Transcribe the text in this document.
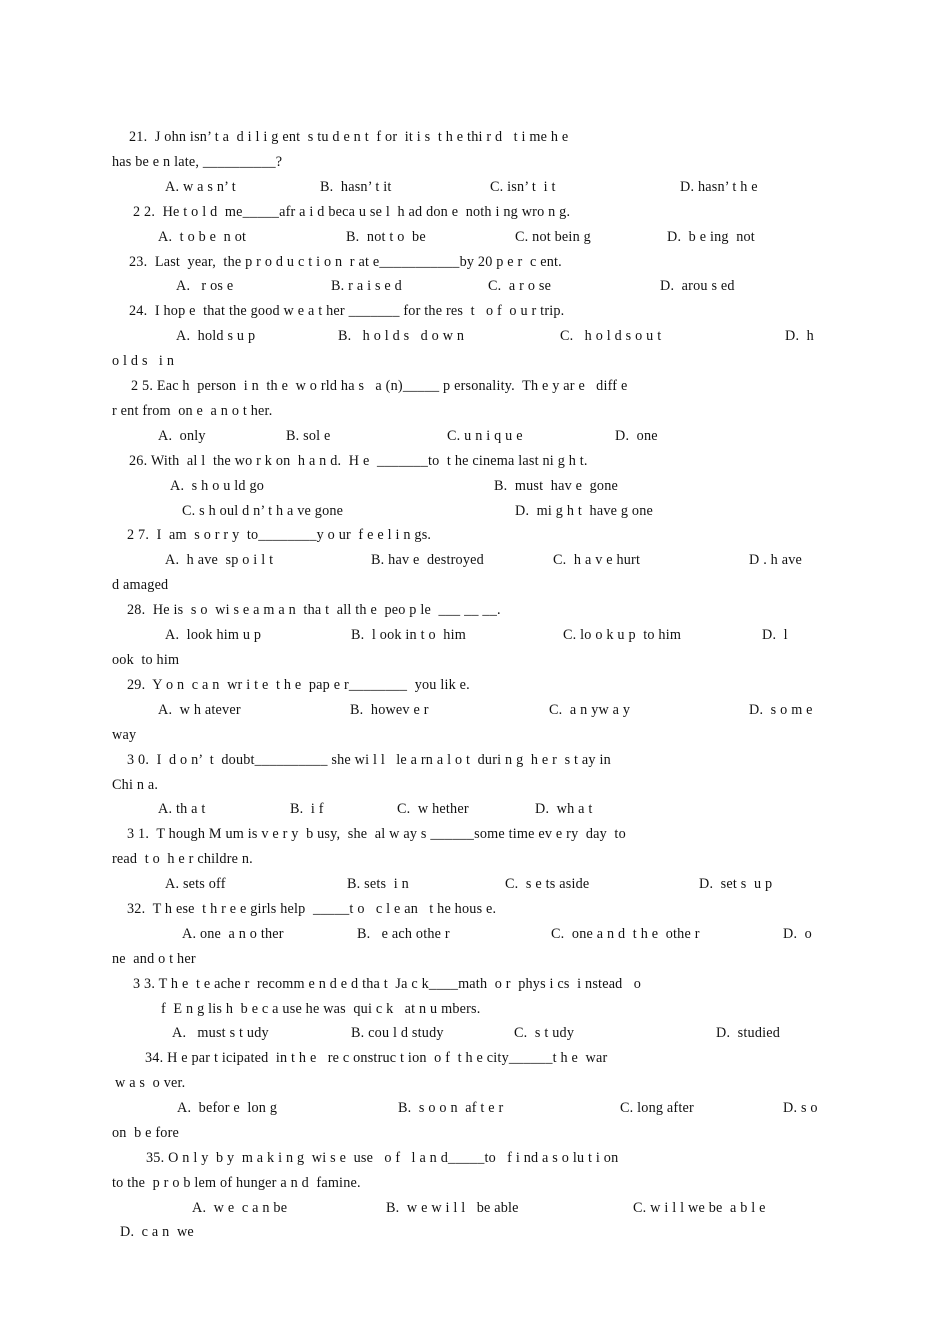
21.  J ohn isn’ t a  d i l i g ent  s tu d e n t  f or  it i s  t h e thi r d   t i me h e
has be e n late, __________?
A. w a s n’ t	B.  hasn’ t it	C. isn’ t  i t	D. hasn’ t h e
2 2.  He t o l d  me_____afr a i d beca u se l  h ad don e  noth i ng wro n g.
A.  t o b e  n ot	B.  not t o  be	C. not bein g	D.  b e ing  not
23.  Last  year,  the p r o d u c t i o n  r at e___________by 20 p e r  c ent.
A.   r os e	B. r a i s e d	C.  a r o se	D.  arou s ed
24.  I hop e  that the good w e a t her _______ for the res  t   o f  o u r trip.
A.  hold s u p	B.   h o l d s   d o w n	C.   h o l d s o u t	D.  h
o l d s   i n
2 5. Eac h  person  i n  th e  w o rld ha s   a (n)_____ p ersonality.  Th e y ar e   diff e
r ent from  on e  a n o t her.
A.  only	B. sol e	C. u n i q u e	D.  one
26. With  al l  the wo r k on  h a n d.  H e  _______to  t he cinema last ni g h t.
A.  s h o u ld go	B.  must  hav e  gone
C. s h oul d n’ t h a ve gone	D.  mi g h t  have g one
2 7.  I  am  s o r r y  to________y o ur  f e e l i n gs.
A.  h ave  sp o i l t	B. hav e  destroyed	C.  h a v e hurt	D . h ave
d amaged
28.  He is  s o  wi s e a m a n  tha t  all th e  peo p le  ___ __ __.
A.  look him u p	B.  l ook in t o  him	C. lo o k u p  to him	D.  l
ook  to him
29.  Y o n  c a n  wr i t e  t h e  pap e r________  you lik e.
A.  w h atever	B.  howev e r	C.  a n yw a y	D.  s o m e
way
3 0.  I  d o n’  t  doubt__________ she wi l l   le a rn a l o t  duri n g  h e r  s t ay in
Chi n a.
A. th a t	B.  i f	C.  w hether	D.  wh a t
3 1.  T hough M um is v e r y  b usy,  she  al w ay s ______some time ev e ry  day  to
read  t o  h e r childre n.
A. sets off	B. sets  i n	C.  s e ts aside	D.  set s  u p
32.  T h ese  t h r e e girls help  _____t o   c l e an   t he hous e.
A. one  a n o ther	B.   e ach othe r	C.  one a n d  t h e  othe r	D.  o
ne  and o t her
3 3. T h e  t e ache r  recomm e n d e d tha t  Ja c k____math  o r  phys i cs  i nstead   o
f  E n g lis h  b e c a use he was  qui c k   at n u mbers.
A.   must s t udy	B. cou l d study	C.  s t udy	D.  studied
34. H e par t icipated  in t h e   re c onstruc t ion  o f  t h e city______t h e  war
w a s  o ver.
A.  befor e  lon g	B.  s o o n  af t e r	C. long after	D. s o
on  b e fore
35. O n l y  b y  m a k i n g  wi s e  use   o f   l a n d_____to   f i nd a s o lu t i on
to the  p r o b lem of hunger a n d  famine.
A.  w e  c a n be	B.  w e w i l l   be able	C. w i l l we be  a b l e
D.  c a n  we
